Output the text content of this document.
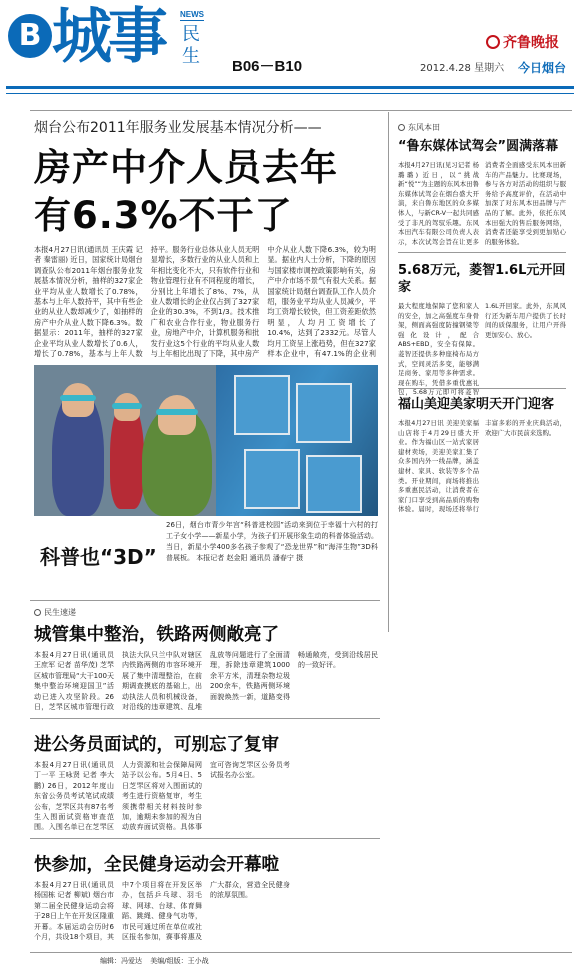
B 城事 NEWS
民生 B06－B10
齐鲁晚报
2012.4.28 星期六 今日烟台
烟台公布2011年服务业发展基本情况分析——
房产中介人员去年有6.3%不干了
本报4月27日讯(通讯员 王庆霞 记者 秦雷丽) 近日，国家统计局烟台调查队公布2011年烟台服务业发展基本情况分析，抽样的327家企业平均从业人数增长了0.78%，基本与上年人数持平，其中有些企业的从业人数却减少了，如抽样的房产中介从业人数下降6.3%。数据显示：2011年，抽样的327家企业平均从业人数增长了0.6人，增长了0.78%，基本与上年人数持平。服务行业总体从业人员无明显增长，多数行业的从业人员和上年相比变化不大，只有软件行业和物业管理行业有不同程度的增长，分别比上年增长了8%、7%，从业人数增长的企业仅占到了327家企业的30.3%，不到1/3。技术推广和农业合作行业，物业服务行业，房地产中介，计算机服务和批发行业这5个行业的平均从业人数与上年相比出现了下降，其中房产中介从业人数下降6.3%，较为明显。据业内人士分析，下降的原因与国家楼市调控政策影响有关，房产中介市场不景气有很大关系。据国家统计局烟台调查队工作人员介绍，服务业平均从业人员减少，平均工资增长较快，但工资差距依然明显，人均月工资增长了10.4%，达到了2332元。尽管人均月工资呈上涨趋势，但在327家样本企业中，有47.1%的企业利
科普也“3D”
26日，烟台市青少年宫“科普进校园”活动来到位于幸福十六村的打工子女小学——新星小学，为孩子们开展形象生动的科普体验活动。当日，新星小学400多名孩子参观了“恐龙世界”和“海洋生物”3D科普展板。 本报记者 赵金阳 通讯员 潘春宁 摄
东风本田
“鲁东媒体试驾会”圆满落幕
本报4月27日讯(见习记者 杨璐璐) 近日，以“挑战新“悦”“为主题的东风本田鲁东媒体试驾会在烟台盛大开演，来自鲁东地区的众多媒体人，与新CR-V一起共同感受了非凡的驾驭乐趣。东风本田汽车有限公司负责人表示，本次试驾会旨在让更多消费者全面感受东风本田新车的产品魅力。比赛现场，参与各方对活动的组织与服务给予高度评价，在活动中加深了对东风本田品牌与产品的了解。此外，依托东风本田强大的售后服务网络，消费者还能享受到更加贴心的服务体验。
5.68万元，菱智1.6L元开回家
最大程度地保障了您和家人的安全，加之高强度车身骨架，侧面高强度防撞钢梁等强化设计，配合ABS+EBD，安全有保障。菱智还提供多种座椅布局方式，空间灵活多变，能够满足商务、家用等多种需求。现在购车，凭借多重优惠礼包，5.68万元即可将菱智1.6L开回家。此外，东风风行还为新车用户提供了长时间的质保服务，让用户开得更加安心、放心。
福山美迎美家明天开门迎客
本报4月27日讯 美迎美家福山店将于4月29日盛大开业。作为福山区一站式家居建材卖场，美迎美家汇集了众多国内外一线品牌，涵盖建材、家具、软装等多个品类。开业期间，商场将推出多重惠民活动，让消费者在家门口享受到高品质的购物体验。届时，现场还将举行丰富多彩的开业庆典活动，欢迎广大市民前来选购。
民生速递
城管集中整治，铁路两侧敞亮了
本报4月27日讯(通讯员 王庶军 记者 苗华茂) 芝罘区城市管理局“大干100天集中整治环境迎国卫”活动已进入攻坚阶段。26日，芝罘区城市管理行政执法大队只兰中队对辖区内铁路两侧的市容环境开展了集中清理整治，在前期调查摸底的基础上，出动执法人员和机械设备，对沿线的违章建筑、乱堆乱放等问题进行了全面清理，拆除违章建筑1000余平方米，清理杂物垃圾200余车，铁路两侧环境面貌焕然一新，道路变得畅通敞亮，受到沿线居民的一致好评。
进公务员面试的，可别忘了复审
本报4月27日讯(通讯员 丁一平 王咏贤 记者 李大鹏) 26日，2012年度山东省公务员考试笔试成绩公布，芝罘区共有87名考生入围面试资格审查范围。入围名单已在芝罘区人力资源和社会保障局网站予以公布。5月4日、5日芝罘区将对入围面试的考生进行资格复审，考生须携带相关材料按时参加，逾期未参加的视为自动放弃面试资格。具体事宜可咨询芝罘区公务员考试报名办公室。
快参加，全民健身运动会开幕啦
本报4月27日讯(通讯员 杨国栋 记者 柳斌) 烟台市第二届全民健身运动会将于28日上午在开发区隆重开幕。本届运动会历时6个月，共设18个项目，其中7个项目将在开发区举办，包括乒乓球、羽毛球、网球、台球、体育舞蹈、跳绳、健身气功等，市民可通过所在单位或社区报名参加，赛事将惠及广大群众，营造全民健身的浓厚氛围。
编辑：冯爱达 美编/组版：王小战
